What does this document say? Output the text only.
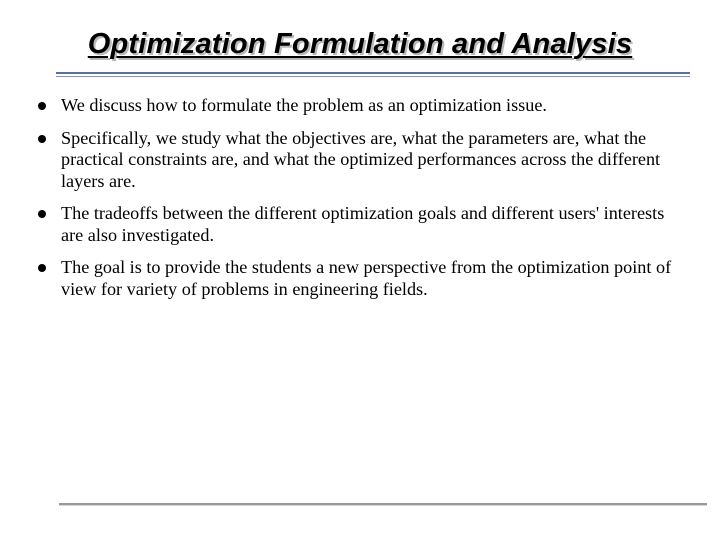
Optimization Formulation and Analysis
We discuss how to formulate the problem as an optimization issue.
Specifically, we study what the objectives are, what the parameters are, what the practical constraints are, and what the optimized performances across the different layers are.
The tradeoffs between the different optimization goals and different users' interests are also investigated.
The goal is to provide the students a new perspective from the optimization point of view for variety of problems in engineering fields.
